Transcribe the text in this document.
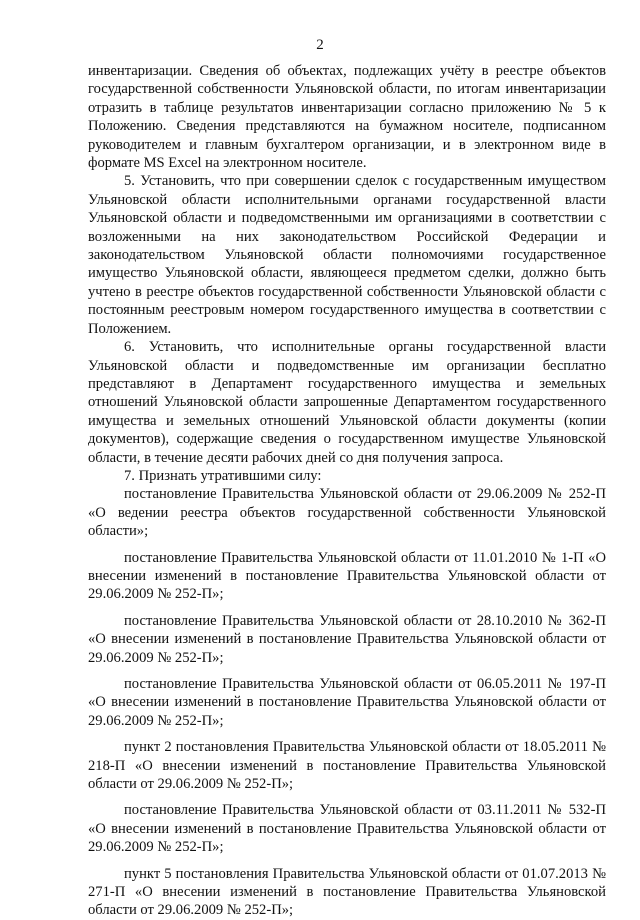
2

инвентаризации. Сведения об объектах, подлежащих учёту в реестре объектов государственной собственности Ульяновской области, по итогам инвентаризации отразить в таблице результатов инвентаризации согласно приложению № 5 к Положению. Сведения представляются на бумажном носителе, подписанном руководителем и главным бухгалтером организации, и в электронном виде в формате MS Excel на электронном носителе.

5. Установить, что при совершении сделок с государственным имуществом Ульяновской области исполнительными органами государственной власти Ульяновской области и подведомственными им организациями в соответствии с возложенными на них законодательством Российской Федерации и законодательством Ульяновской области полномочиями государственное имущество Ульяновской области, являющееся предметом сделки, должно быть учтено в реестре объектов государственной собственности Ульяновской области с постоянным реестровым номером государственного имущества в соответствии с Положением.

6. Установить, что исполнительные органы государственной власти Ульяновской области и подведомственные им организации бесплатно представляют в Департамент государственного имущества и земельных отношений Ульяновской области запрошенные Департаментом государственного имущества и земельных отношений Ульяновской области документы (копии документов), содержащие сведения о государственном имуществе Ульяновской области, в течение десяти рабочих дней со дня получения запроса.

7. Признать утратившими силу:

постановление Правительства Ульяновской области от 29.06.2009 № 252-П «О ведении реестра объектов государственной собственности Ульяновской области»;

постановление Правительства Ульяновской области от 11.01.2010 № 1-П «О внесении изменений в постановление Правительства Ульяновской области от 29.06.2009 № 252-П»;

постановление Правительства Ульяновской области от 28.10.2010 № 362-П «О внесении изменений в постановление Правительства Ульяновской области от 29.06.2009 № 252-П»;

постановление Правительства Ульяновской области от 06.05.2011 № 197-П «О внесении изменений в постановление Правительства Ульяновской области от 29.06.2009 № 252-П»;

пункт 2 постановления Правительства Ульяновской области от 18.05.2011 № 218-П «О внесении изменений в постановление Правительства Ульяновской области от 29.06.2009 № 252-П»;

постановление Правительства Ульяновской области от 03.11.2011 № 532-П «О внесении изменений в постановление Правительства Ульяновской области от 29.06.2009 № 252-П»;

пункт 5 постановления Правительства Ульяновской области от 01.07.2013 № 271-П «О внесении изменений в постановление Правительства Ульяновской области от 29.06.2009 № 252-П»;
